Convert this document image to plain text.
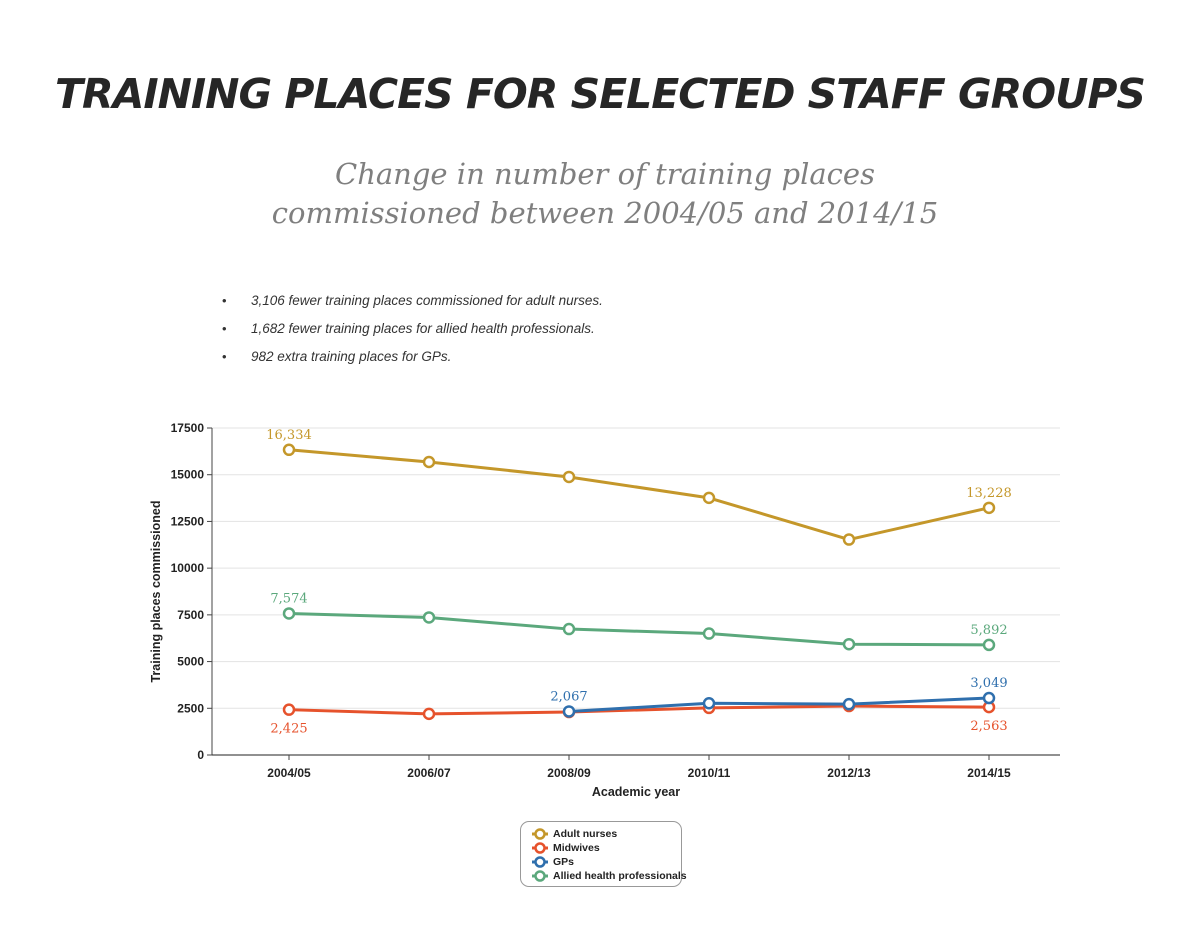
TRAINING PLACES FOR SELECTED STAFF GROUPS
Change in number of training places commissioned between 2004/05 and 2014/15
• 3,106 fewer training places commissioned for adult nurses.
• 1,682 fewer training places for allied health professionals.
• 982 extra training places for GPs.
0
2500
5000
7500
10000
12500
15000
17500
2004/05	2006/07	2008/09	2010/11	2012/13	2014/15
16,334
13,228
7,574
5,892
2,067
3,049
2,425	2,563
Academic year
Training places commissioned
Adult nurses
Midwives
GPs
Allied health professionals
